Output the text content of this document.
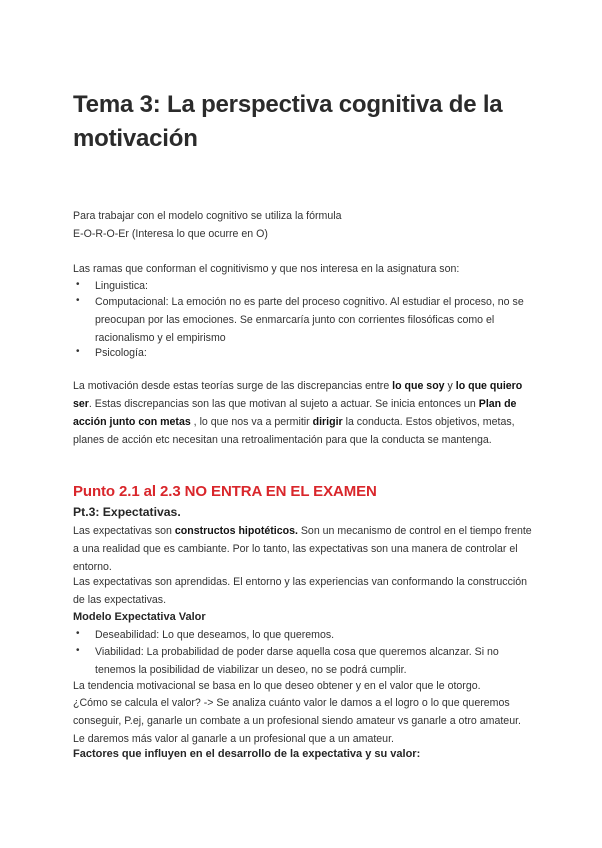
Tema 3: La perspectiva cognitiva de la motivación
Para trabajar con el modelo cognitivo se utiliza la fórmula
E-O-R-O-Er (Interesa lo que ocurre en O)
Las ramas que conforman el cognitivismo y que nos interesa en la asignatura son:
• Linguistica:
• Computacional: La emoción no es parte del proceso cognitivo. Al estudiar el proceso, no se preocupan por las emociones. Se enmarcaría junto con corrientes filosóficas como el racionalismo y el empirismo
• Psicología:
La motivación desde estas teorías surge de las discrepancias entre lo que soy y lo que quiero ser. Estas discrepancias son las que motivan al sujeto a actuar. Se inicia entonces un Plan de acción junto con metas , lo que nos va a permitir dirigir la conducta. Estos objetivos, metas, planes de acción etc necesitan una retroalimentación para que la conducta se mantenga.
Punto 2.1 al 2.3 NO ENTRA EN EL EXAMEN
Pt.3: Expectativas.
Las expectativas son constructos hipotéticos. Son un mecanismo de control en el tiempo frente a una realidad que es cambiante. Por lo tanto, las expectativas son una manera de controlar el entorno.
Las expectativas son aprendidas. El entorno y las experiencias van conformando la construcción de las expectativas.
Modelo Expectativa Valor
• Deseabilidad: Lo que deseamos, lo que queremos.
• Viabilidad: La probabilidad de poder darse aquella cosa que queremos alcanzar. Si no tenemos la posibilidad de viabilizar un deseo, no se podrá cumplir.
La tendencia motivacional se basa en lo que deseo obtener y en el valor que le otorgo.
¿Cómo se calcula el valor? -> Se analiza cuánto valor le damos a el logro o lo que queremos conseguir, P.ej, ganarle un combate a un profesional siendo amateur vs ganarle a otro amateur. Le daremos más valor al ganarle a un profesional que a un amateur.
Factores que influyen en el desarrollo de la expectativa y su valor:
